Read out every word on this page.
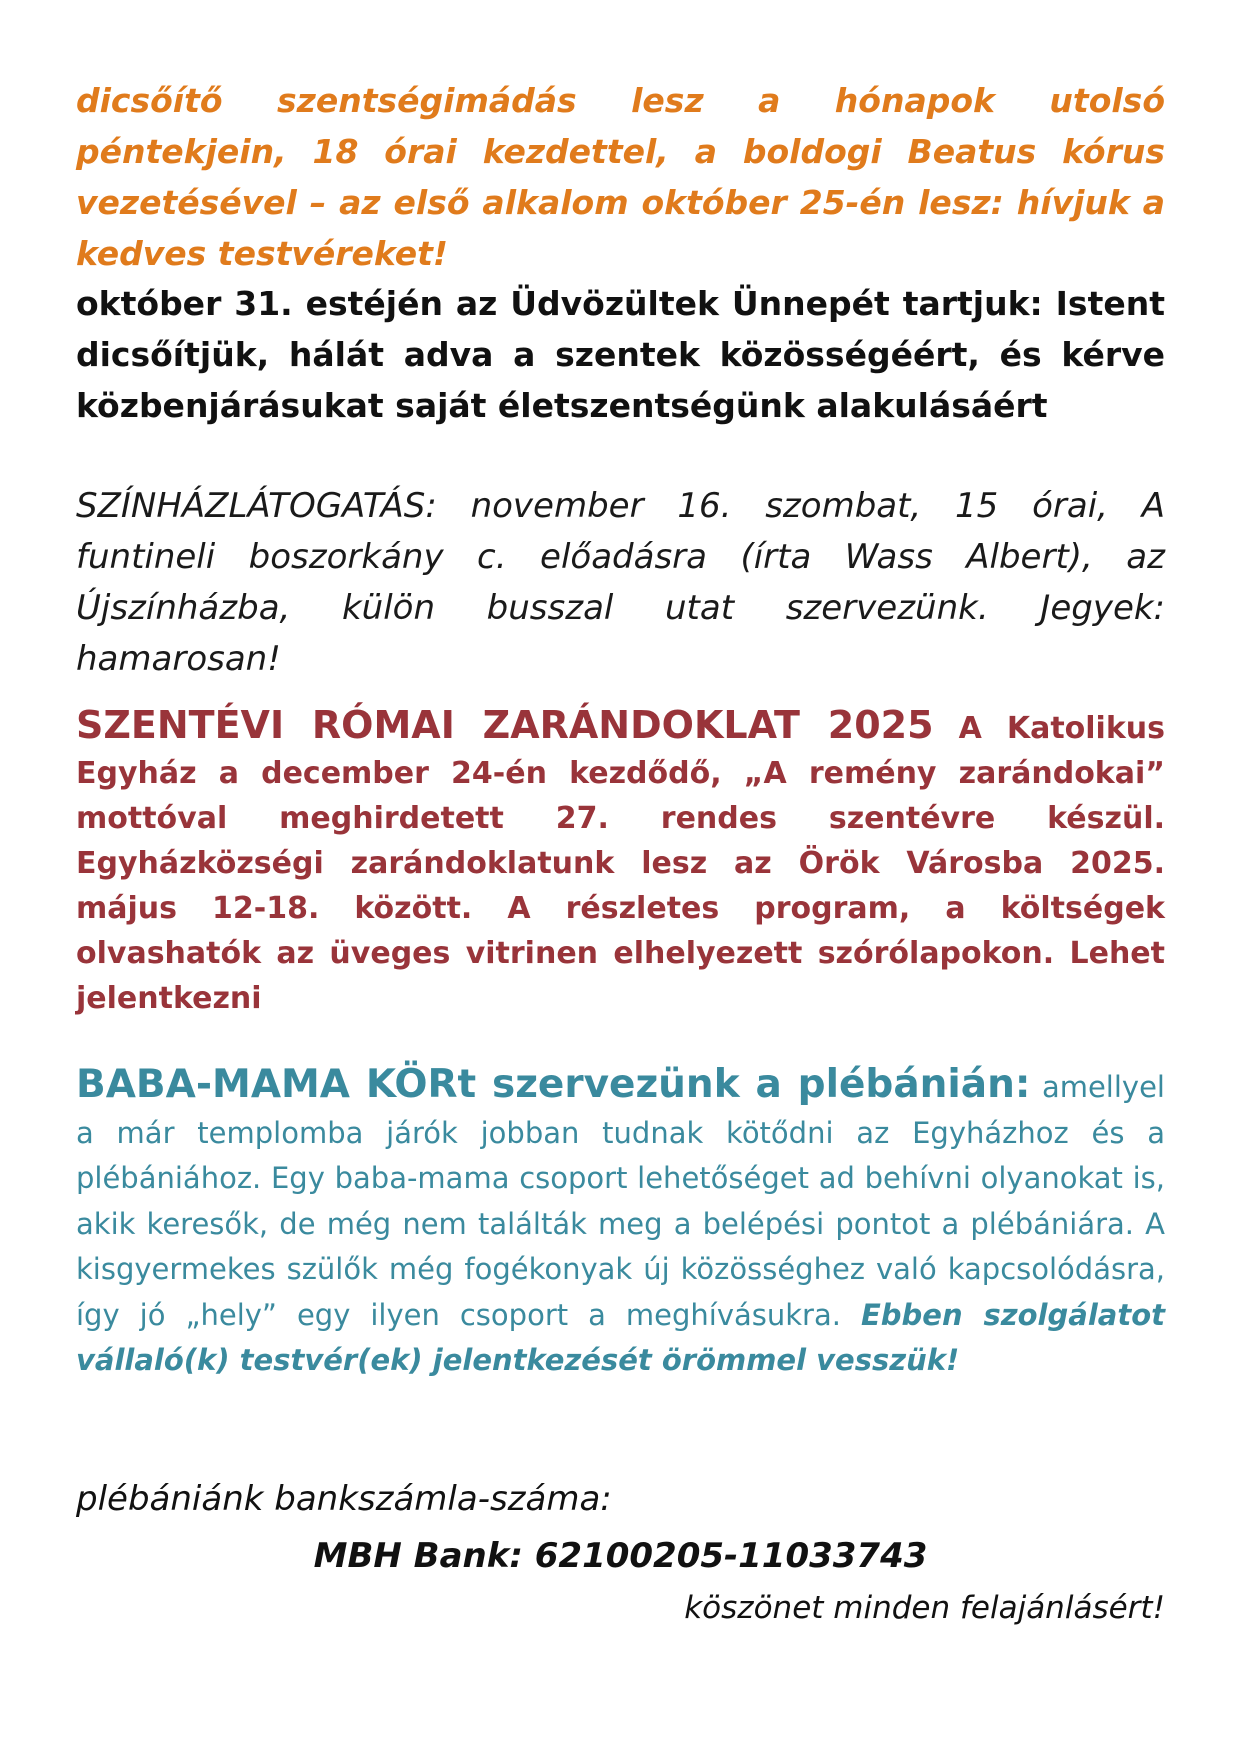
dicsőítő szentségimádás lesz a hónapok utolsó péntekjein, 18 órai kezdettel, a boldogi Beatus kórus vezetésével – az első alkalom október 25-én lesz: hívjuk a kedves testvéreket!

október 31. estéjén az Üdvözültek Ünnepét tartjuk: Istent dicsőítjük, hálát adva a szentek közösségéért, és kérve közbenjárásukat saját életszentségünk alakulásáért

SZÍNHÁZLÁTOGATÁS: november 16. szombat, 15 órai, A funtineli boszorkány c. előadásra (írta Wass Albert), az Újszínházba, külön busszal utat szervezünk. Jegyek: hamarosan!

SZENTÉVI RÓMAI ZARÁNDOKLAT 2025 A Katolikus Egyház a december 24-én kezdődő, „A remény zarándokai” mottóval meghirdetett 27. rendes szentévre készül. Egyházközségi zarándoklatunk lesz az Örök Városba 2025. május 12-18. között. A részletes program, a költségek olvashatók az üveges vitrinen elhelyezett szórólapokon. Lehet jelentkezni

BABA-MAMA KÖRt szervezünk a plébánián: amellyel a már templomba járók jobban tudnak kötődni az Egyházhoz és a plébániához. Egy baba-mama csoport lehetőséget ad behívni olyanokat is, akik keresők, de még nem találták meg a belépési pontot a plébániára. A kisgyermekes szülők még fogékonyak új közösséghez való kapcsolódásra, így jó „hely” egy ilyen csoport a meghívásukra. Ebben szolgálatot vállaló(k) testvér(ek) jelentkezését örömmel vesszük!

plébániánk bankszámla-száma:

MBH Bank: 62100205-11033743

köszönet minden felajánlásért!
